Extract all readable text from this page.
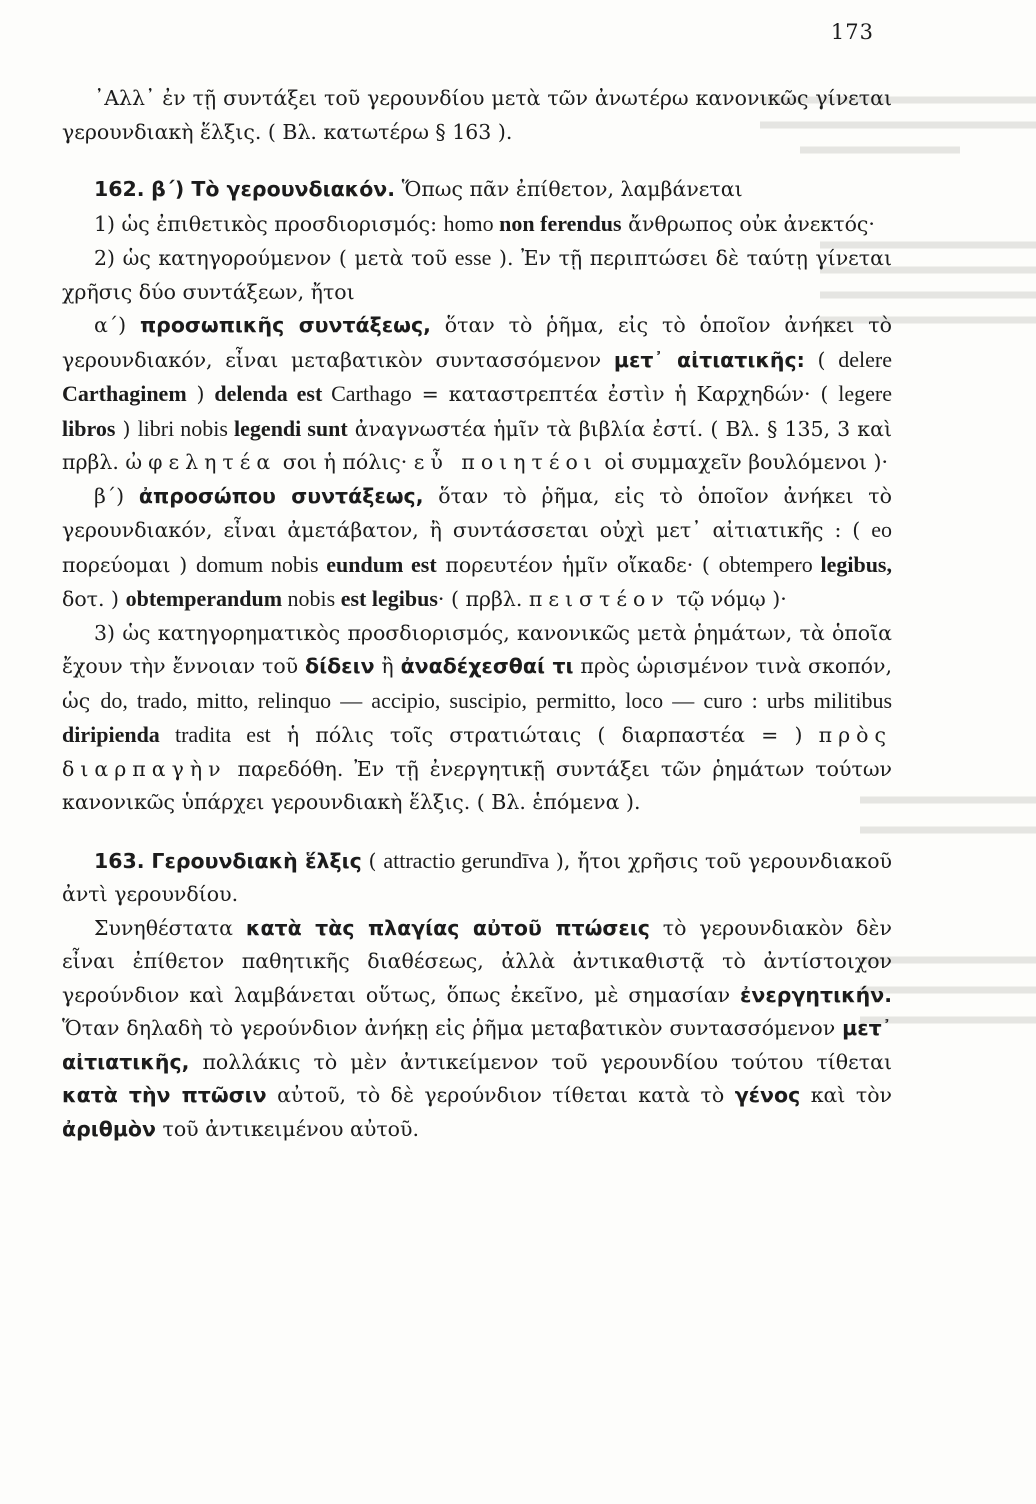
173

᾽Αλλ᾽ ἐν τῇ συντάξει τοῦ γερουνδίου μετὰ τῶν ἀνωτέρω κανονικῶς γίνεται γερουνδιακὴ ἕλξις. ( Βλ. κατωτέρω § 163 ).

162. β΄) Τὸ γερουνδιακόν. Ὅπως πᾶν ἐπίθετον, λαμβάνεται

1) ὡς ἐπιθετικὸς προσδιορισμός: homo non ferendus ἄνθρωπος οὐκ ἀνεκτός·

2) ὡς κατηγορούμενον ( μετὰ τοῦ esse ). Ἐν τῇ περιπτώσει δὲ ταύτῃ γίνεται χρῆσις δύο συντάξεων, ἤτοι

α΄) προσωπικῆς συντάξεως, ὅταν τὸ ῥῆμα, εἰς τὸ ὁποῖον ἀνήκει τὸ γερουνδιακόν, εἶναι μεταβατικὸν συντασσόμενον μετ᾽ αἰτιατικῆς: ( delere Carthaginem ) delenda est Carthago = καταστρεπτέα ἐστὶν ἡ Καρχηδών· ( legere libros ) libri nobis legendi sunt ἀναγνωστέα ἡμῖν τὰ βιβλία ἐστί. ( Βλ. § 135, 3 καὶ πρβλ. ὠφελητέα σοι ἡ πόλις· εὖ ποιητέοι οἱ συμμαχεῖν βουλόμενοι )·

β΄) ἀπροσώπου συντάξεως, ὅταν τὸ ῥῆμα, εἰς τὸ ὁποῖον ἀνήκει τὸ γερουνδιακόν, εἶναι ἀμετάβατον, ἢ συντάσσεται οὐχὶ μετ᾽ αἰτιατικῆς : ( eo πορεύομαι ) domum nobis eundum est πορευτέον ἡμῖν οἴκαδε· ( obtempero legibus, δοτ. ) obtemperandum nobis est legibus· ( πρβλ. πειστέον τῷ νόμῳ )·

3) ὡς κατηγορηματικὸς προσδιορισμός, κανονικῶς μετὰ ῥημάτων, τὰ ὁποῖα ἔχουν τὴν ἔννοιαν τοῦ δίδειν ἢ ἀναδέχεσθαί τι πρὸς ὡρισμένον τινὰ σκοπόν, ὡς do, trado, mitto, relinquo — accipio, suscipio, permitto, loco — curo : urbs militibus diripienda tradita est ἡ πόλις τοῖς στρατιώταις ( διαρπαστέα = ) πρὸς διαρπαγὴν παρεδόθη. Ἐν τῇ ἐνεργητικῇ συντάξει τῶν ῥημάτων τούτων κανονικῶς ὑπάρχει γερουνδιακὴ ἕλξις. ( Βλ. ἑπόμενα ).

163. Γερουνδιακὴ ἕλξις ( attractio gerundīva ), ἤτοι χρῆσις τοῦ γερουνδιακοῦ ἀντὶ γερουνδίου.

Συνηθέστατα κατὰ τὰς πλαγίας αὐτοῦ πτώσεις τὸ γερουνδιακὸν δὲν εἶναι ἐπίθετον παθητικῆς διαθέσεως, ἀλλὰ ἀντικαθιστᾷ τὸ ἀντίστοιχον γερούνδιον καὶ λαμβάνεται οὕτως, ὅπως ἐκεῖνο, μὲ σημασίαν ἐνεργητικήν. Ὅταν δηλαδὴ τὸ γερούνδιον ἀνήκῃ εἰς ῥῆμα μεταβατικὸν συντασσόμενον μετ᾽ αἰτιατικῆς, πολλάκις τὸ μὲν ἀντικείμενον τοῦ γερουνδίου τούτου τίθεται κατὰ τὴν πτῶσιν αὐτοῦ, τὸ δὲ γερούνδιον τίθεται κατὰ τὸ γένος καὶ τὸν ἀριθμὸν τοῦ ἀντικειμένου αὐτοῦ.
